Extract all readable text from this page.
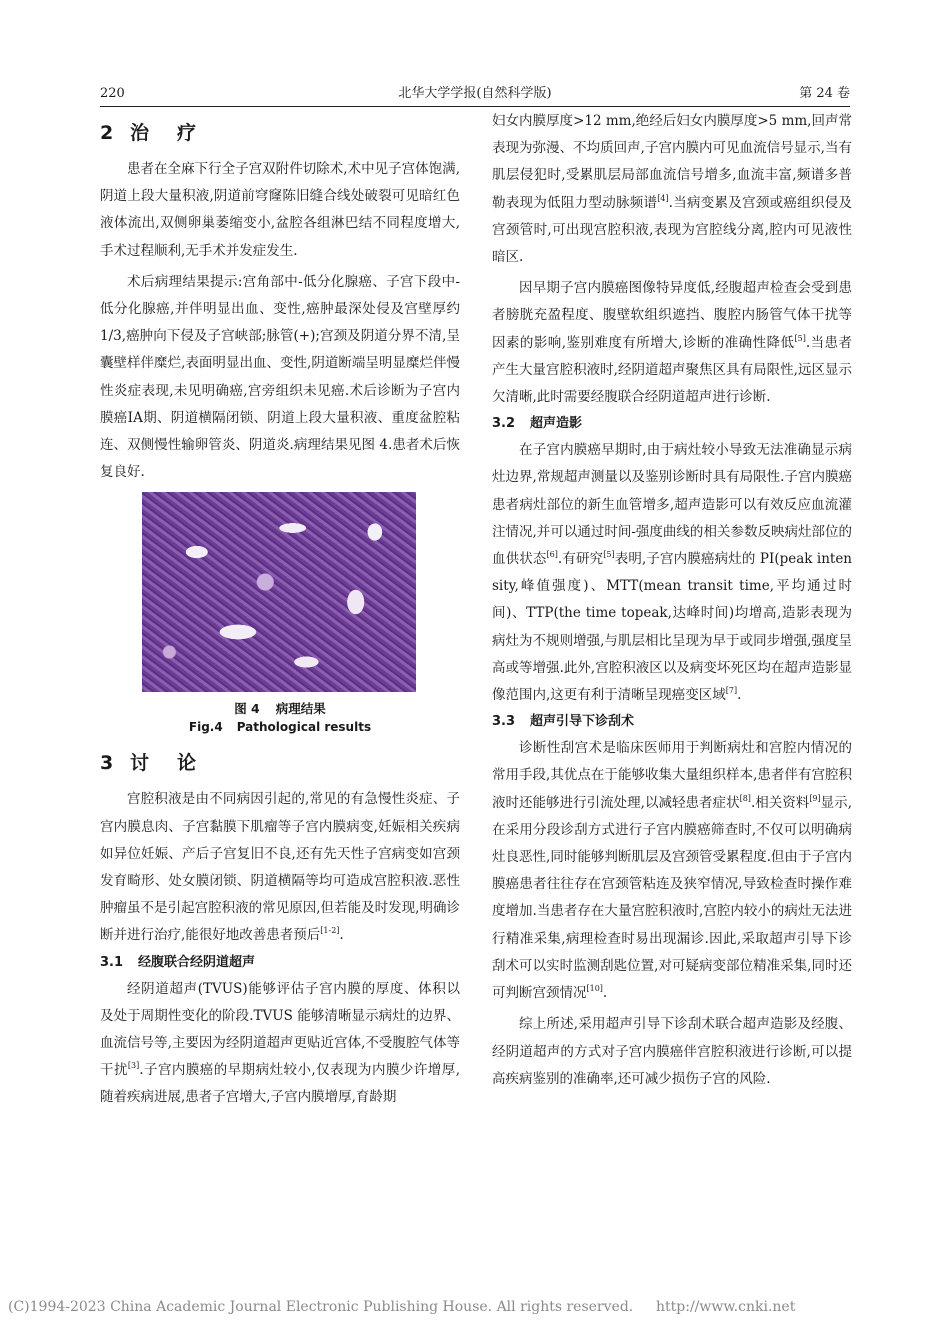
北华大学学报(自然科学版)
220	第 24 卷
2 治疗

患者在全麻下行全子宫双附件切除术,术中见子宫体饱满,阴道上段大量积液,阴道前穹窿陈旧缝合线处破裂可见暗红色液体流出,双侧卵巢萎缩变小,盆腔各组淋巴结不同程度增大,手术过程顺利,无手术并发症发生.

术后病理结果提示:宫角部中-低分化腺癌、子宫下段中-低分化腺癌,并伴明显出血、变性,癌肿最深处侵及宫壁厚约 1/3,癌肿向下侵及子宫峡部;脉管(+);宫颈及阴道分界不清,呈囊壁样伴糜烂,表面明显出血、变性,阴道断端呈明显糜烂伴慢性炎症表现,未见明确癌,宫旁组织未见癌.术后诊断为子宫内膜癌ⅠA期、阴道横隔闭锁、阴道上段大量积液、重度盆腔粘连、双侧慢性输卵管炎、阴道炎.病理结果见图 4.患者术后恢复良好.

图 4 病理结果
Fig.4 Pathological results
3 讨论

宫腔积液是由不同病因引起的,常见的有急慢性炎症、子宫内膜息肉、子宫黏膜下肌瘤等子宫内膜病变,妊娠相关疾病如异位妊娠、产后子宫复旧不良,还有先天性子宫病变如宫颈发育畸形、处女膜闭锁、阴道横隔等均可造成宫腔积液.恶性肿瘤虽不是引起宫腔积液的常见原因,但若能及时发现,明确诊断并进行治疗,能很好地改善患者预后[1-2].

3.1 经腹联合经阴道超声

经阴道超声(TVUS)能够评估子宫内膜的厚度、体积以及处于周期性变化的阶段.TVUS 能够清晰显示病灶的边界、血流信号等,主要因为经阴道超声更贴近宫体,不受腹腔气体等干扰[3].子宫内膜癌的早期病灶较小,仅表现为内膜少许增厚,随着疾病进展,患者子宫增大,子宫内膜增厚,育龄期

妇女内膜厚度>12 mm,绝经后妇女内膜厚度>5 mm,回声常表现为弥漫、不均质回声,子宫内膜内可见血流信号显示,当有肌层侵犯时,受累肌层局部血流信号增多,血流丰富,频谱多普勒表现为低阻力型动脉频谱[4].当病变累及宫颈或癌组织侵及宫颈管时,可出现宫腔积液,表现为宫腔线分离,腔内可见液性暗区.

因早期子宫内膜癌图像特异度低,经腹超声检查会受到患者膀胱充盈程度、腹壁软组织遮挡、腹腔内肠管气体干扰等因素的影响,鉴别难度有所增大,诊断的准确性降低[5].当患者产生大量宫腔积液时,经阴道超声聚焦区具有局限性,远区显示欠清晰,此时需要经腹联合经阴道超声进行诊断.

3.2 超声造影

在子宫内膜癌早期时,由于病灶较小导致无法准确显示病灶边界,常规超声测量以及鉴别诊断时具有局限性.子宫内膜癌患者病灶部位的新生血管增多,超声造影可以有效反应血流灌注情况,并可以通过时间-强度曲线的相关参数反映病灶部位的血供状态[6].有研究[5]表明,子宫内膜癌病灶的 PI(peak intensity,峰值强度)、MTT(mean transit time,平均通过时间)、TTP(the time topeak,达峰时间)均增高,造影表现为病灶为不规则增强,与肌层相比呈现为早于或同步增强,强度呈高或等增强.此外,宫腔积液区以及病变坏死区均在超声造影显像范围内,这更有利于清晰呈现癌变区域[7].

3.3 超声引导下诊刮术

诊断性刮宫术是临床医师用于判断病灶和宫腔内情况的常用手段,其优点在于能够收集大量组织样本,患者伴有宫腔积液时还能够进行引流处理,以减轻患者症状[8].相关资料[9]显示,在采用分段诊刮方式进行子宫内膜癌筛查时,不仅可以明确病灶良恶性,同时能够判断肌层及宫颈管受累程度.但由于子宫内膜癌患者往往存在宫颈管粘连及狭窄情况,导致检查时操作难度增加.当患者存在大量宫腔积液时,宫腔内较小的病灶无法进行精准采集,病理检查时易出现漏诊.因此,采取超声引导下诊刮术可以实时监测刮匙位置,对可疑病变部位精准采集,同时还可判断宫颈情况[10].

综上所述,采用超声引导下诊刮术联合超声造影及经腹、经阴道超声的方式对子宫内膜癌伴宫腔积液进行诊断,可以提高疾病鉴别的准确率,还可减少损伤子宫的风险.

(C)1994-2023 China Academic Journal Electronic Publishing House. All rights reserved. http://www.cnki.net
